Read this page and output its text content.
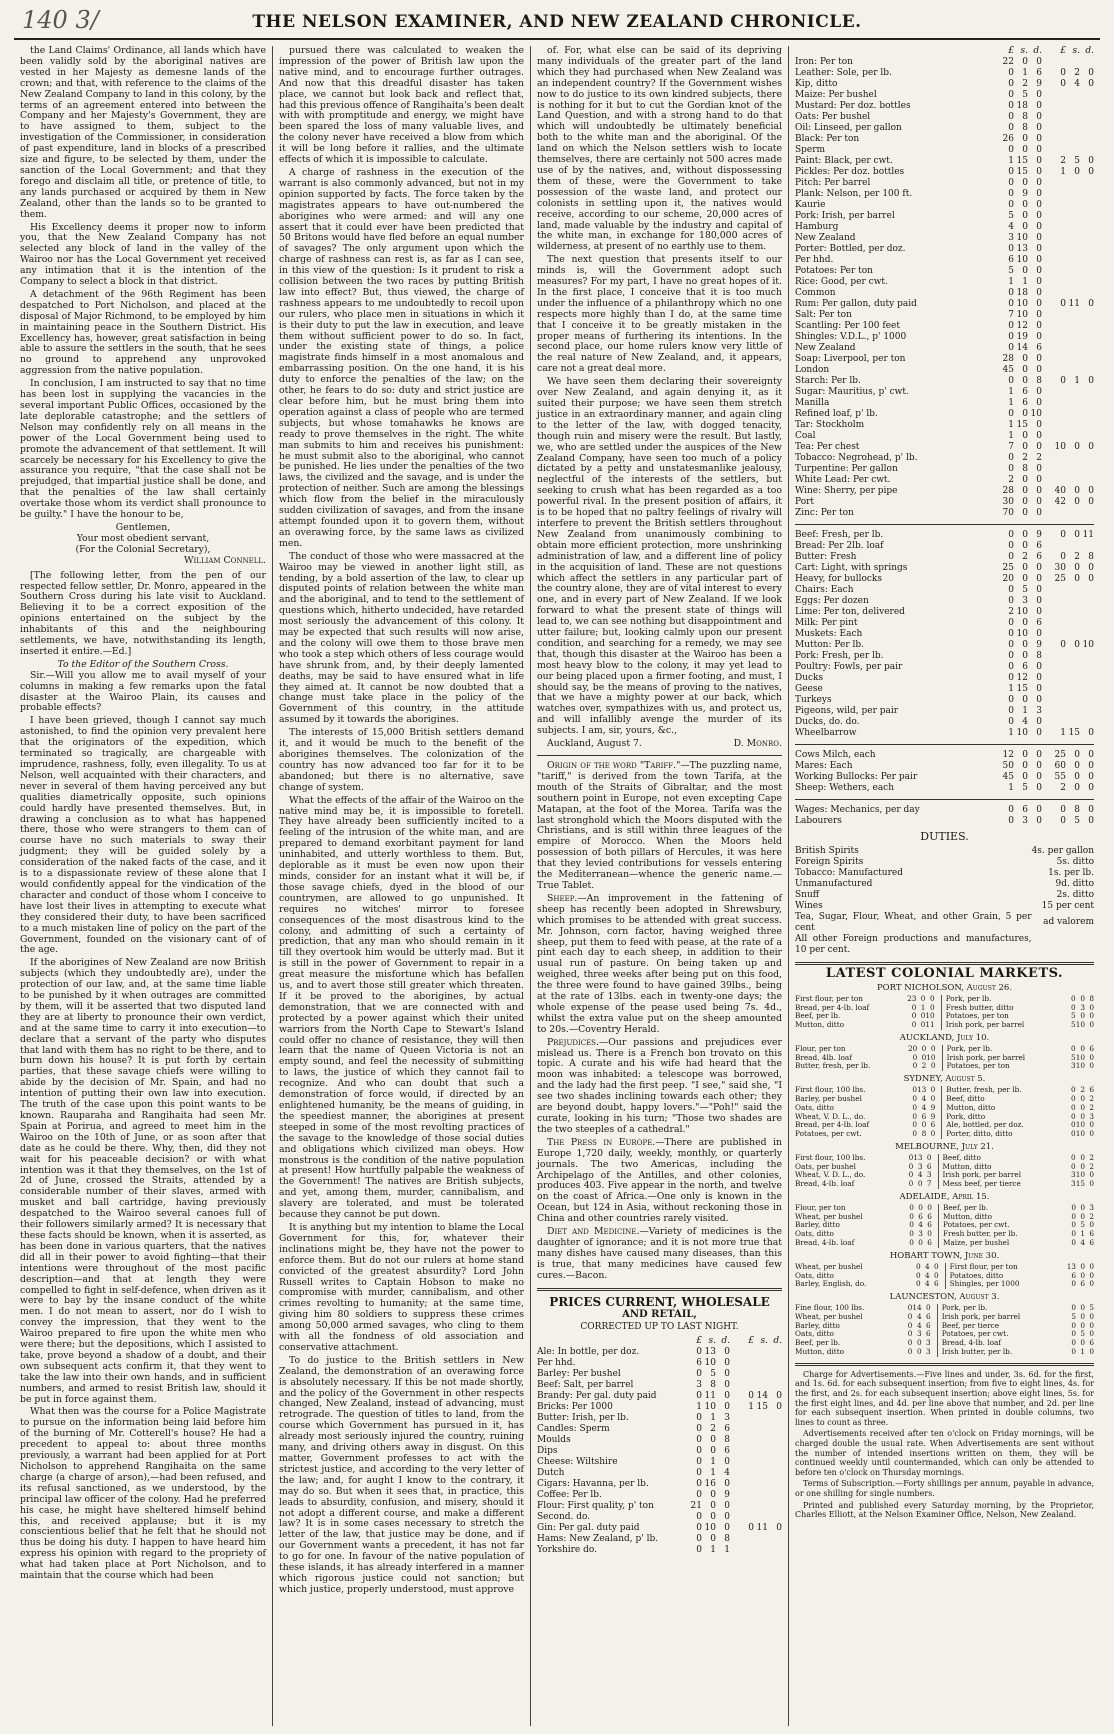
140 3/	THE NELSON EXAMINER, AND NEW ZEALAND CHRONICLE.

the Land Claims' Ordinance, all lands which have been validly sold by the aboriginal natives are vested in her Majesty as demesne lands of the crown; and that, with reference to the claims of the New Zealand Company to land in this colony, by the terms of an agreement entered into between the Company and her Majesty's Government, they are to have assigned to them, subject to the investigation of the Commissioner, in consideration of past expenditure, land in blocks of a prescribed size and figure, to be selected by them, under the sanction of the Local Government; and that they forego and disclaim all title, or pretence of title, to any lands purchased or acquired by them in New Zealand, other than the lands so to be granted to them.

His Excellency deems it proper now to inform you, that the New Zealand Company has not selected any block of land in the valley of the Wairoo nor has the Local Government yet received any intimation that it is the intention of the Company to select a block in that district.

A detachment of the 96th Regiment has been despatched to Port Nicholson, and placed at the disposal of Major Richmond, to be employed by him in maintaining peace in the Southern District. His Excellency has, however, great satisfaction in being able to assure the settlers in the south, that he sees no ground to apprehend any unprovoked aggression from the native population.

In conclusion, I am instructed to say that no time has been lost in supplying the vacancies in the several important Public Offices, occasioned by the late deplorable catastrophe; and the settlers of Nelson may confidently rely on all means in the power of the Local Government being used to promote the advancement of that settlement. It will scarcely be necessary for his Excellency to give the assurance you require, "that the case shall not be prejudged, that impartial justice shall be done, and that the penalties of the law shall certainly overtake those whom its verdict shall pronounce to be guilty." I have the honour to be,

Gentlemen,

Your most obedient servant,

(For the Colonial Secretary),

William Connell.

[The following letter, from the pen of our respected fellow settler, Dr. Monro, appeared in the Southern Cross during his late visit to Auckland. Believing it to be a correct exposition of the opinions entertained on the subject by the inhabitants of this and the neighbouring settlements, we have, notwithstanding its length, inserted it entire.—Ed.]

To the Editor of the Southern Cross.

Sir.—Will you allow me to avail myself of your columns in making a few remarks upon the fatal disaster at the Wairoo Plain, its causes and probable effects?

I have been grieved, though I cannot say much astonished, to find the opinion very prevalent here that the originators of the expedition, which terminated so tragically, are chargeable with imprudence, rashness, folly, even illegality. To us at Nelson, well acquainted with their characters, and never in several of them having perceived any but qualities diametrically opposite, such opinions could hardly have presented themselves. But, in drawing a conclusion as to what has happened there, those who were strangers to them can of course have no such materials to sway their judgment; they will be guided solely by a consideration of the naked facts of the case, and it is to a dispassionate review of these alone that I would confidently appeal for the vindication of the character and conduct of those whom I conceive to have lost their lives in attempting to execute what they considered their duty, to have been sacrificed to a much mistaken line of policy on the part of the Government, founded on the visionary cant of of the age.

If the aborigines of New Zealand are now British subjects (which they undoubtedly are), under the protection of our law, and, at the same time liable to be punished by it when outrages are committed by them, will it be asserted that two disputed land they are at liberty to pronounce their own verdict, and at the same time to carry it into execution—to declare that a servant of the party who disputes that land with them has no right to be there, and to burn down his house? It is put forth by certain parties, that these savage chiefs were willing to abide by the decision of Mr. Spain, and had no intention of putting their own law into execution. The truth of the case upon this point wants to be known. Rauparaha and Rangihaita had seen Mr. Spain at Porirua, and agreed to meet him in the Wairoo on the 10th of June, or as soon after that date as he could be there. Why, then, did they not wait for his peaceable decision? or with what intention was it that they themselves, on the 1st of 2d of June, crossed the Straits, attended by a considerable number of their slaves, armed with musket and ball cartridge, having previously despatched to the Wairoo several canoes full of their followers similarly armed? It is necessary that these facts should be known, when it is asserted, as has been done in various quarters, that the natives did all in their power to avoid fighting—that their intentions were throughout of the most pacific description—and that at length they were compelled to fight in self-defence, when driven as it were to bay by the insane conduct of the white men. I do not mean to assert, nor do I wish to convey the impression, that they went to the Wairoo prepared to fire upon the white men who were there; but the depositions, which I assisted to take, prove beyond a shadow of a doubt, and their own subsequent acts confirm it, that they went to take the law into their own hands, and in sufficient numbers, and armed to resist British law, should it be put in force against them.

What then was the course for a Police Magistrate to pursue on the information being laid before him of the burning of Mr. Cotterell's house? He had a precedent to appeal to: about three months previously, a warrant had been applied for at Port Nicholson to apprehend Rangihaita on the same charge (a charge of arson),—had been refused, and its refusal sanctioned, as we understood, by the principal law officer of the colony. Had he preferred his case, he might have sheltered himself behind this, and received applause; but it is my conscientious belief that he felt that he should not thus be doing his duty. I happen to have heard him express his opinion with regard to the propriety of what had taken place at Port Nicholson, and to maintain that the course which had been

pursued there was calculated to weaken the impression of the power of British law upon the native mind, and to encourage further outrages. And now that this dreadful disaster has taken place, we cannot but look back and reflect that, had this previous offence of Rangihaita's been dealt with with promptitude and energy, we might have been spared the loss of many valuable lives, and the colony never have received a blow from which it will be long before it rallies, and the ultimate effects of which it is impossible to calculate.

A charge of rashness in the execution of the warrant is also commonly advanced, but not in my opinion supported by facts. The force taken by the magistrates appears to have out-numbered the aborigines who were armed: and will any one assert that it could ever have been predicted that 50 Britons would have fled before an equal number of savages? The only argument upon which the charge of rashness can rest is, as far as I can see, in this view of the question: Is it prudent to risk a collision between the two races by putting British law into effect? But, thus viewed, the charge of rashness appears to me undoubtedly to recoil upon our rulers, who place men in situations in which it is their duty to put the law in execution, and leave them without sufficient power to do so. In fact, under the existing state of things, a police magistrate finds himself in a most anomalous and embarrassing position. On the one hand, it is his duty to enforce the penalties of the law; on the other, he fears to do so: duty and strict justice are clear before him, but he must bring them into operation against a class of people who are termed subjects, but whose tomahawks he knows are ready to prove themselves in the right. The white man submits to him and receives his punishment: he must submit also to the aboriginal, who cannot be punished. He lies under the penalties of the two laws, the civilized and the savage, and is under the protection of neither. Such are among the blessings which flow from the belief in the miraculously sudden civilization of savages, and from the insane attempt founded upon it to govern them, without an overawing force, by the same laws as civilized men.

The conduct of those who were massacred at the Wairoo may be viewed in another light still, as tending, by a bold assertion of the law, to clear up disputed points of relation between the white man and the aboriginal, and to tend to the settlement of questions which, hitherto undecided, have retarded most seriously the advancement of this colony. It may be expected that such results will now arise, and the colony will owe them to those brave men who took a step which others of less courage would have shrunk from, and, by their deeply lamented deaths, may be said to have ensured what in life they aimed at. It cannot be now doubted that a change must take place in the policy of the Government of this country, in the attitude assumed by it towards the aborigines.

The interests of 15,000 British settlers demand it, and it would be much to the benefit of the aborigines themselves. The colonization of the country has now advanced too far for it to be abandoned; but there is no alternative, save change of system.

What the effects of the affair of the Wairoo on the native mind may be, it is impossible to foretell. They have already been sufficiently incited to a feeling of the intrusion of the white man, and are prepared to demand exorbitant payment for land uninhabited, and utterly worthless to them. But, deplorable as it must be even now upon their minds, consider for an instant what it will be, if those savage chiefs, dyed in the blood of our countrymen, are allowed to go unpunished. It requires no witches' mirror to foresee consequences of the most disastrous kind to the colony, and admitting of such a certainty of prediction, that any man who should remain in it till they overtook him would be utterly mad. But it is still in the power of Government to repair in a great measure the misfortune which has befallen us, and to avert those still greater which threaten. If it be proved to the aborigines, by actual demonstration, that we are connected with and protected by a power against which their united warriors from the North Cape to Stewart's Island could offer no chance of resistance, they will then learn that the name of Queen Victoria is not an empty sound, and feel the necessity of submitting to laws, the justice of which they cannot fail to recognize. And who can doubt that such a demonstration of force would, if directed by an enlightened humanity, be the means of guiding, in the speediest manner, the aborigines at present steeped in some of the most revolting practices of the savage to the knowledge of those social duties and obligations which civilized man obeys. How monstrous is the condition of the native population at present! How hurtfully palpable the weakness of the Government! The natives are British subjects, and yet, among them, murder, cannibalism, and slavery are tolerated, and must be tolerated because they cannot be put down.

It is anything but my intention to blame the Local Government for this, for, whatever their inclinations might be, they have not the power to enforce them. But do not our rulers at home stand convicted of the greatest absurdity? Lord John Russell writes to Captain Hobson to make no compromise with murder, cannibalism, and other crimes revolting to humanity; at the same time, giving him 80 soldiers to suppress these crimes among 50,000 armed savages, who cling to them with all the fondness of old association and conservative attachment.

To do justice to the British settlers in New Zealand, the demonstration of an overawing force is absolutely necessary. If this be not made shortly, and the policy of the Government in other respects changed, New Zealand, instead of advancing, must retrograde. The question of titles to land, from the course which Government has pursued in it, has already most seriously injured the country, ruining many, and driving others away in disgust. On this matter, Government professes to act with the strictest justice, and according to the very letter of the law; and, for aught I know to the contrary, it may do so. But when it sees that, in practice, this leads to absurdity, confusion, and misery, should it not adopt a different course, and make a different law? It is in some cases necessary to stretch the letter of the law, that justice may be done, and if our Government wants a precedent, it has not far to go for one. In favour of the native population of these islands, it has already interfered in a manner which rigorous justice could not sanction; but which justice, properly understood, must approve

of. For, what else can be said of its depriving many individuals of the greater part of the land which they had purchased when New Zealand was an independent country? If the Government wishes now to do justice to its own kindred subjects, there is nothing for it but to cut the Gordian knot of the Land Question, and with a strong hand to do that which will undoubtedly be ultimately beneficial both to the white man and the aboriginal. Of the land on which the Nelson settlers wish to locate themselves, there are certainly not 500 acres made use of by the natives, and, without dispossessing them of these, were the Government to take possession of the waste land, and protect our colonists in settling upon it, the natives would receive, according to our scheme, 20,000 acres of land, made valuable by the industry and capital of the white man, in exchange for 180,000 acres of wilderness, at present of no earthly use to them.

The next question that presents itself to our minds is, will the Government adopt such measures? For my part, I have no great hopes of it. In the first place, I conceive that it is too much under the influence of a philanthropy which no one respects more highly than I do, at the same time that I conceive it to be greatly mistaken in the proper means of furthering its intentions. In the second place, our home rulers know very little of the real nature of New Zealand, and, it appears, care not a great deal more.

We have seen them declaring their sovereignty over New Zealand, and again denying it, as it suited their purpose; we have seen them stretch justice in an extraordinary manner, and again cling to the letter of the law, with dogged tenacity, though ruin and misery were the result. But lastly, we, who are settled under the auspices of the New Zealand Company, have seen too much of a policy dictated by a petty and unstatesmanlike jealousy, neglectful of the interests of the settlers, but seeking to crush what has been regarded as a too powerful rival. In the present position of affairs, it is to be hoped that no paltry feelings of rivalry will interfere to prevent the British settlers throughout New Zealand from unanimously combining to obtain more efficient protection, more unshrinking administration of law, and a different line of policy in the acquisition of land. These are not questions which affect the settlers in any particular part of the country alone, they are of vital interest to every one, and in every part of New Zealand. If we look forward to what the present state of things will lead to, we can see nothing but disappointment and utter failure; but, looking calmly upon our present condition, and searching for a remedy, we may see that, though this disaster at the Wairoo has been a most heavy blow to the colony, it may yet lead to our being placed upon a firmer footing, and must, I should say, be the means of proving to the natives, that we have a mighty power at our back, which watches over, sympathizes with us, and protect us, and will infallibly avenge the murder of its subjects. I am, sir, yours, &c.,

Auckland, August 7.	D. Monro.

Origin of the word "Tariff."—The puzzling name, "tariff," is derived from the town Tarifa, at the mouth of the Straits of Gibraltar, and the most southern point in Europe, not even excepting Cape Matapan, at the foot of the Morea. Tarifa was the last stronghold which the Moors disputed with the Christians, and is still within three leagues of the empire of Morocco. When the Moors held possession of both pillars of Hercules, it was here that they levied contributions for vessels entering the Mediterranean—whence the generic name.—True Tablet.

Sheep.—An improvement in the fattening of sheep has recently been adopted in Shrewsbury, which promises to be attended with great success. Mr. Johnson, corn factor, having weighed three sheep, put them to feed with pease, at the rate of a pint each day to each sheep, in addition to their usual run of pasture. On being taken up and weighed, three weeks after being put on this food, the three were found to have gained 39lbs., being at the rate of 13lbs. each in twenty-one days; the whole expense of the pease used being 7s. 4d., whilst the extra value put on the sheep amounted to 20s.—Coventry Herald.

Prejudices.—Our passions and prejudices ever mislead us. There is a French bon trovato on this topic. A curate and his wife had heard that the moon was inhabited: a telescope was borrowed, and the lady had the first peep. "I see," said she, "I see two shades inclining towards each other; they are beyond doubt, happy lovers."—"Poh!" said the curate, looking in his turn; "Those two shades are the two steeples of a cathedral."

The Press in Europe.—There are published in Europe 1,720 daily, weekly, monthly, or quarterly journals. The two Americas, including the Archipelago of the Antilles, and other colonies, produces 403. Five appear in the north, and twelve on the coast of Africa.—One only is known in the Ocean, but 124 in Asia, without reckoning those in China and other countries rarely visited.

Diet and Medicine.—Variety of medicines is the daughter of ignorance; and it is not more true that many dishes have caused many diseases, than this is true, that many medicines have caused few cures.—Bacon.

PRICES CURRENT, WHOLESALE
AND RETAIL,
CORRECTED UP TO LAST NIGHT.
	£	s.	d.		£	s.	d.
Ale: In bottle, per doz.	0	13	0				
Per hhd.	6	10	0				
Barley: Per bushel	0	5	0				
Beef: Salt, per barrel	3	8	0				
Brandy: Per gal. duty paid	0	11	0		0	14	0
Bricks: Per 1000	1	10	0		1	15	0
Butter: Irish, per lb.	0	1	3				
Candles: Sperm	0	2	6				
Moulds	0	0	8				
Dips	0	0	6				
Cheese: Wiltshire	0	1	0				
Dutch	0	1	4				
Cigars: Havanna, per lb.	0	16	0				
Coffee: Per lb.	0	0	9				
Flour: First quality, p' ton	21	0	0				
Second. do.	0	0	0				
Gin: Per gal. duty paid	0	10	0		0	11	0
Hams: New Zealand, p' lb.	0	0	8				
Yorkshire do.	0	1	1				
	£	s.	d.		£	s.	d.
Iron: Per ton	22	0	0				
Leather: Sole, per lb.	0	1	6		0	2	0
Kip, ditto	0	2	9		0	4	0
Maize: Per bushel	0	5	0				
Mustard: Per doz. bottles	0	18	0				
Oats: Per bushel	0	8	0				
Oil: Linseed, per gallon	0	8	0				
Black: Per ton	26	0	0				
Sperm	0	0	0				
Paint: Black, per cwt.	1	15	0		2	5	0
Pickles: Per doz. bottles	0	15	0		1	0	0
Pitch: Per barrel	0	0	0				
Plank: Nelson, per 100 ft.	0	9	0				
Kaurie	0	0	0				
Pork: Irish, per barrel	5	0	0				
Hamburg	4	0	0				
New Zealand	3	10	0				
Porter: Bottled, per doz.	0	13	0				
Per hhd.	6	10	0				
Potatoes: Per ton	5	0	0				
Rice: Good, per cwt.	1	1	0				
Common	0	18	0				
Rum: Per gallon, duty paid	0	10	0		0	11	0
Salt: Per ton	7	10	0				
Scantling: Per 100 feet	0	12	0				
Shingles: V.D.L., p' 1000	0	19	0				
New Zealand	0	14	6				
Soap: Liverpool, per ton	28	0	0				
London	45	0	0				
Starch: Per lb.	0	0	8		0	1	0
Sugar: Mauritius, p' cwt.	1	6	0				
Manilla	1	6	0				
Refined loaf, p' lb.	0	0	10				
Tar: Stockholm	1	15	0				
Coal	1	0	0				
Tea: Per chest	7	0	0		10	0	0
Tobacco: Negrohead, p' lb.	0	2	2				
Turpentine: Per gallon	0	8	0				
White Lead: Per cwt.	2	0	0				
Wine: Sherry, per pipe	28	0	0		40	0	0
Port	30	0	0		42	0	0
Zinc: Per ton	70	0	0				
Beef: Fresh, per lb.	0	0	9		0	0	11
Bread: Per 2lb. loaf	0	0	6				
Butter: Fresh	0	2	6		0	2	8
Cart: Light, with springs	25	0	0		30	0	0
Heavy, for bullocks	20	0	0		25	0	0
Chairs: Each	0	5	0				
Eggs: Per dozen	0	3	0				
Lime: Per ton, delivered	2	10	0				
Milk: Per pint	0	0	6				
Muskets: Each	0	10	0				
Mutton: Per lb.	0	0	9		0	0	10
Pork: Fresh, per lb.	0	0	8				
Poultry: Fowls, per pair	0	6	0				
Ducks	0	12	0				
Geese	1	15	0				
Turkeys	0	0	0				
Pigeons, wild, per pair	0	1	3				
Ducks, do. do.	0	4	0				
Wheelbarrow	1	10	0		1	15	0
Cows Milch, each	12	0	0		25	0	0
Mares: Each	50	0	0		60	0	0
Working Bullocks: Per pair	45	0	0		55	0	0
Sheep: Wethers, each	1	5	0		2	0	0
Wages: Mechanics, per day	0	6	0		0	8	0
Labourers	0	3	0		0	5	0
DUTIES.
British Spirits	4s. per gallon
Foreign Spirits	5s. ditto
Tobacco: Manufactured	1s. per lb.
Unmanufactured	9d. ditto
Snuff	2s. ditto
Wines	15 per cent
Tea, Sugar, Flour, Wheat, and other Grain, 5 per cent	ad valorem
All other Foreign productions and manufactures, 10 per cent.	
LATEST COLONIAL MARKETS.
PORT NICHOLSON, August 26.
First flour, per ton	23	0	0		Pork, per lb.	0	0	8
Bread, per 4-lb. loaf	0	1	0		Fresh butter, ditto	0	3	0
Beef, per lb.	0	0	10		Potatoes, per ton	5	0	0
Mutton, ditto	0	0	11		Irish pork, per barrel	5	10	0
AUCKLAND, July 10.
Flour, per ton	20	0	0		Pork, per lb.	0	0	6
Bread, 4lb. loaf	0	0	10		Irish pork, per barrel	5	10	0
Butter, fresh, per lb.	0	2	0		Potatoes, per ton	3	10	0
SYDNEY, August 5.
First flour, 100 lbs.	0	13	0		Butter, fresh, per lb.	0	2	6
Barley, per bushel	0	4	0		Beef, ditto	0	0	2
Oats, ditto	0	4	9		Mutton, ditto	0	0	2
Wheat, V. D. L., do.	0	6	9		Pork, ditto	0	0	3
Bread, per 4-lb. loaf	0	0	6		Ale, bottled, per doz.	0	10	0
Potatoes, per cwt.	0	8	0		Porter, ditto, ditto	0	10	0
MELBOURNE, July 21.
First flour, 100 lbs.	0	13	0		Beef, ditto	0	0	2
Oats, per bushel	0	3	6		Mutton, ditto	0	0	2
Wheat, V. D. L., do.	0	4	3		Irish pork, per barrel	3	10	0
Bread, 4-lb. loaf	0	0	7		Mess beef, per tierce	3	15	0
ADELAIDE, April 15.
Flour, per ton	0	0	0		Beef, per lb.	0	0	3
Wheat, per bushel	0	6	6		Mutton, ditto	0	0	2
Barley, ditto	0	4	6		Potatoes, per cwt.	0	5	0
Oats, ditto	0	3	0		Fresh butter, per lb.	0	1	6
Bread, 4-lb. loaf	0	0	6		Maize, per bushel	0	4	6
HOBART TOWN, June 30.
Wheat, per bushel	0	4	0		First flour, per ton	13	0	0
Oats, ditto	0	4	0		Potatoes, ditto	6	0	0
Barley, English, do.	0	4	6		Shingles, per 1000	0	6	0
LAUNCESTON, August 3.
Fine flour, 100 lbs.	0	14	0		Pork, per lb.	0	0	5
Wheat, per bushel	0	4	6		Irish pork, per barrel	5	0	0
Barley, ditto	0	4	6		Beef, per tierce	0	0	0
Oats, ditto	0	3	6		Potatoes, per cwt.	0	5	0
Beef, per lb.	0	0	3		Bread, 4-lb. loaf	0	0	6
Mutton, ditto	0	0	3		Irish butter, per lb.	0	1	0

Charge for Advertisements.—Five lines and under, 3s. 6d. for the first, and 1s. 6d. for each subsequent insertion; from five to eight lines, 4s. for the first, and 2s. for each subsequent insertion; above eight lines, 5s. for the first eight lines, and 4d. per line above that number, and 2d. per line for each subsequent insertion. When printed in double columns, two lines to count as three.

Advertisements received after ten o'clock on Friday mornings, will be charged double the usual rate. When Advertisements are sent without the number of intended insertions written on them, they will be continued weekly until countermanded, which can only be attended to before ten o'clock on Thursday mornings.

Terms of Subscription.—Forty shillings per annum, payable in advance, or one shilling for single numbers.

Printed and published every Saturday morning, by the Proprietor, Charles Elliott, at the Nelson Examiner Office, Nelson, New Zealand.
